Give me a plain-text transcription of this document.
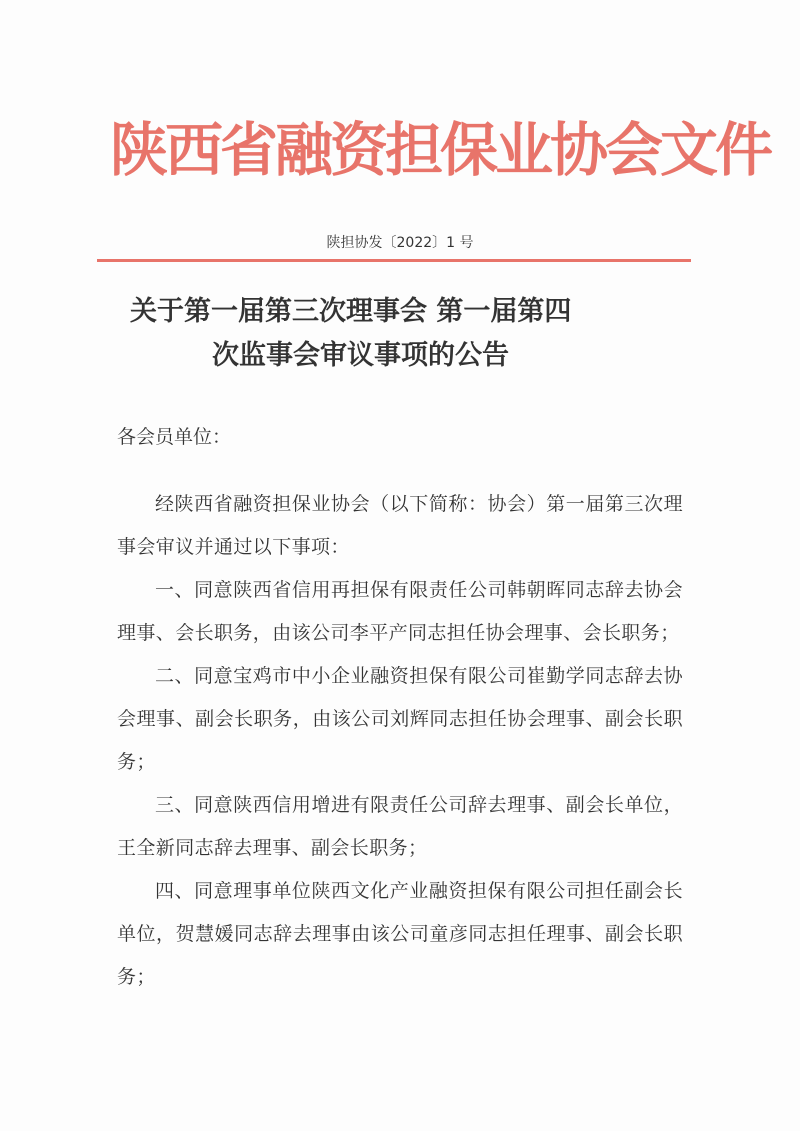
陕西省融资担保业协会文件
陕担协发〔2022〕1 号
关于第一届第三次理事会 第一届第四
次监事会审议事项的公告
各会员单位：

经陕西省融资担保业协会（以下简称：协会）第一届第三次理事会审议并通过以下事项：

一、同意陕西省信用再担保有限责任公司韩朝晖同志辞去协会理事、会长职务，由该公司李平产同志担任协会理事、会长职务；

二、同意宝鸡市中小企业融资担保有限公司崔勤学同志辞去协会理事、副会长职务，由该公司刘辉同志担任协会理事、副会长职务；

三、同意陕西信用增进有限责任公司辞去理事、副会长单位，王全新同志辞去理事、副会长职务；

四、同意理事单位陕西文化产业融资担保有限公司担任副会长单位，贺慧媛同志辞去理事由该公司童彦同志担任理事、副会长职务；
